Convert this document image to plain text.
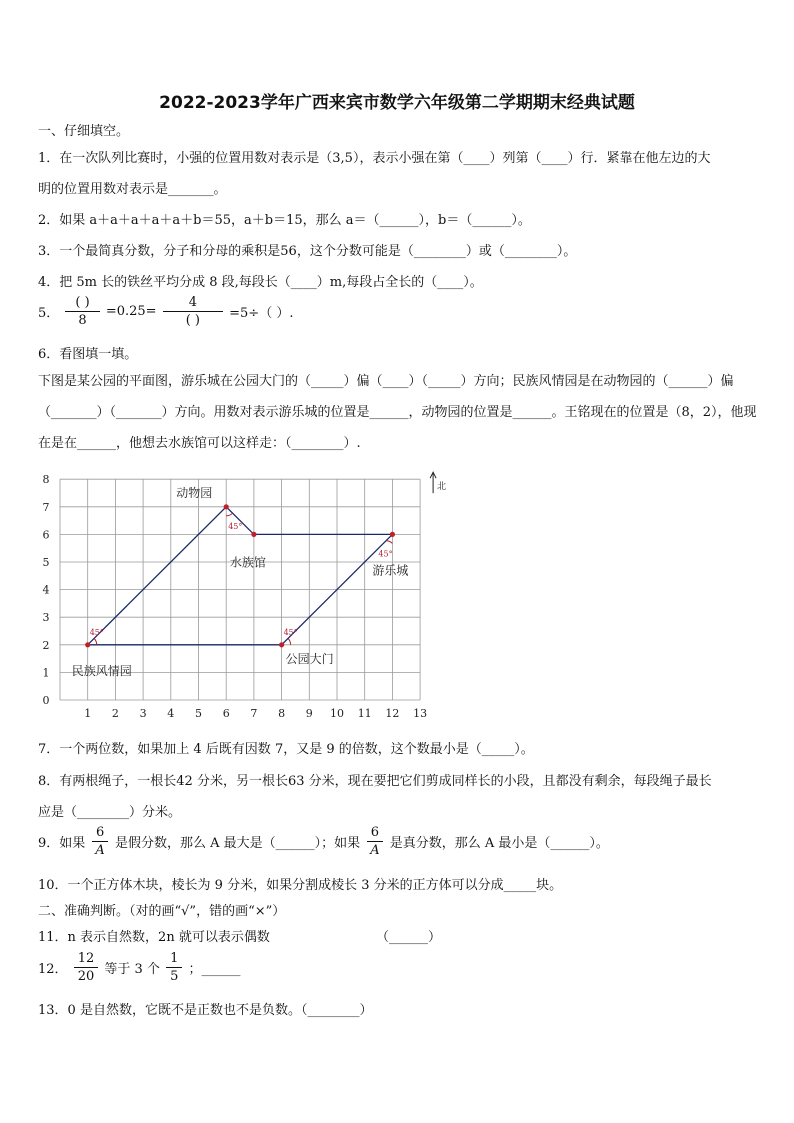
2022-2023学年广西来宾市数学六年级第二学期期末经典试题
一、仔细填空。
1．在一次队列比赛时，小强的位置用数对表示是（3,5），表示小强在第（____）列第（____）行．紧靠在他左边的大
明的位置用数对表示是_______。
2．如果 a＋a＋a＋a＋a＋b＝55，a＋b＝15，那么 a＝（______），b＝（______）。
3．一个最简真分数，分子和分母的乘积是56，这个分数可能是（________）或（________）。
4．把 5m 长的铁丝平均分成 8 段,每段长（____）m,每段占全长的（____）。
5． $\frac{( )}{8} =0.25= \frac{4}{( )} =5\div$（ ）.
6．看图填一填。
下图是某公园的平面图，游乐城在公园大门的（_____）偏（____）（_____）方向；民族风情园是在动物园的（______）偏（_______）（_______）方向。用数对表示游乐城的位置是______，动物园的位置是______。王铭现在的位置是（8，2），他现在是在______，他想去水族馆可以这样走：（________）.
0
1 2 3 4 5 6 7 8 9 10 11 12 13
1
2
3
4
5
6
7
8
45°	45°
45°
45°
动物园
水族馆
游乐城
公园大门
民族风情园
北
7．一个两位数，如果加上 4 后既有因数 7，又是 9 的倍数，这个数最小是（_____）。
8．有两根绳子，一根长42 分米，另一根长63 分米，现在要把它们剪成同样长的小段，且都没有剩余，每段绳子最长
应是（________）分米。
9．如果 $\frac{6}{A}$ 是假分数，那么 A 最大是（______）；如果 $\frac{6}{A}$ 是真分数，那么 A 最小是（______）。
10．一个正方体木块，棱长为 9 分米，如果分割成棱长 3 分米的正方体可以分成_____块。
二、准确判断。（对的画“√”，错的画“×”）
11．n 表示自然数，2n 就可以表示偶数	（______）
12． $\frac{12}{20}$ 等于 3 个 $\frac{1}{5}$ ；______
13．0 是自然数，它既不是正数也不是负数。（________）
